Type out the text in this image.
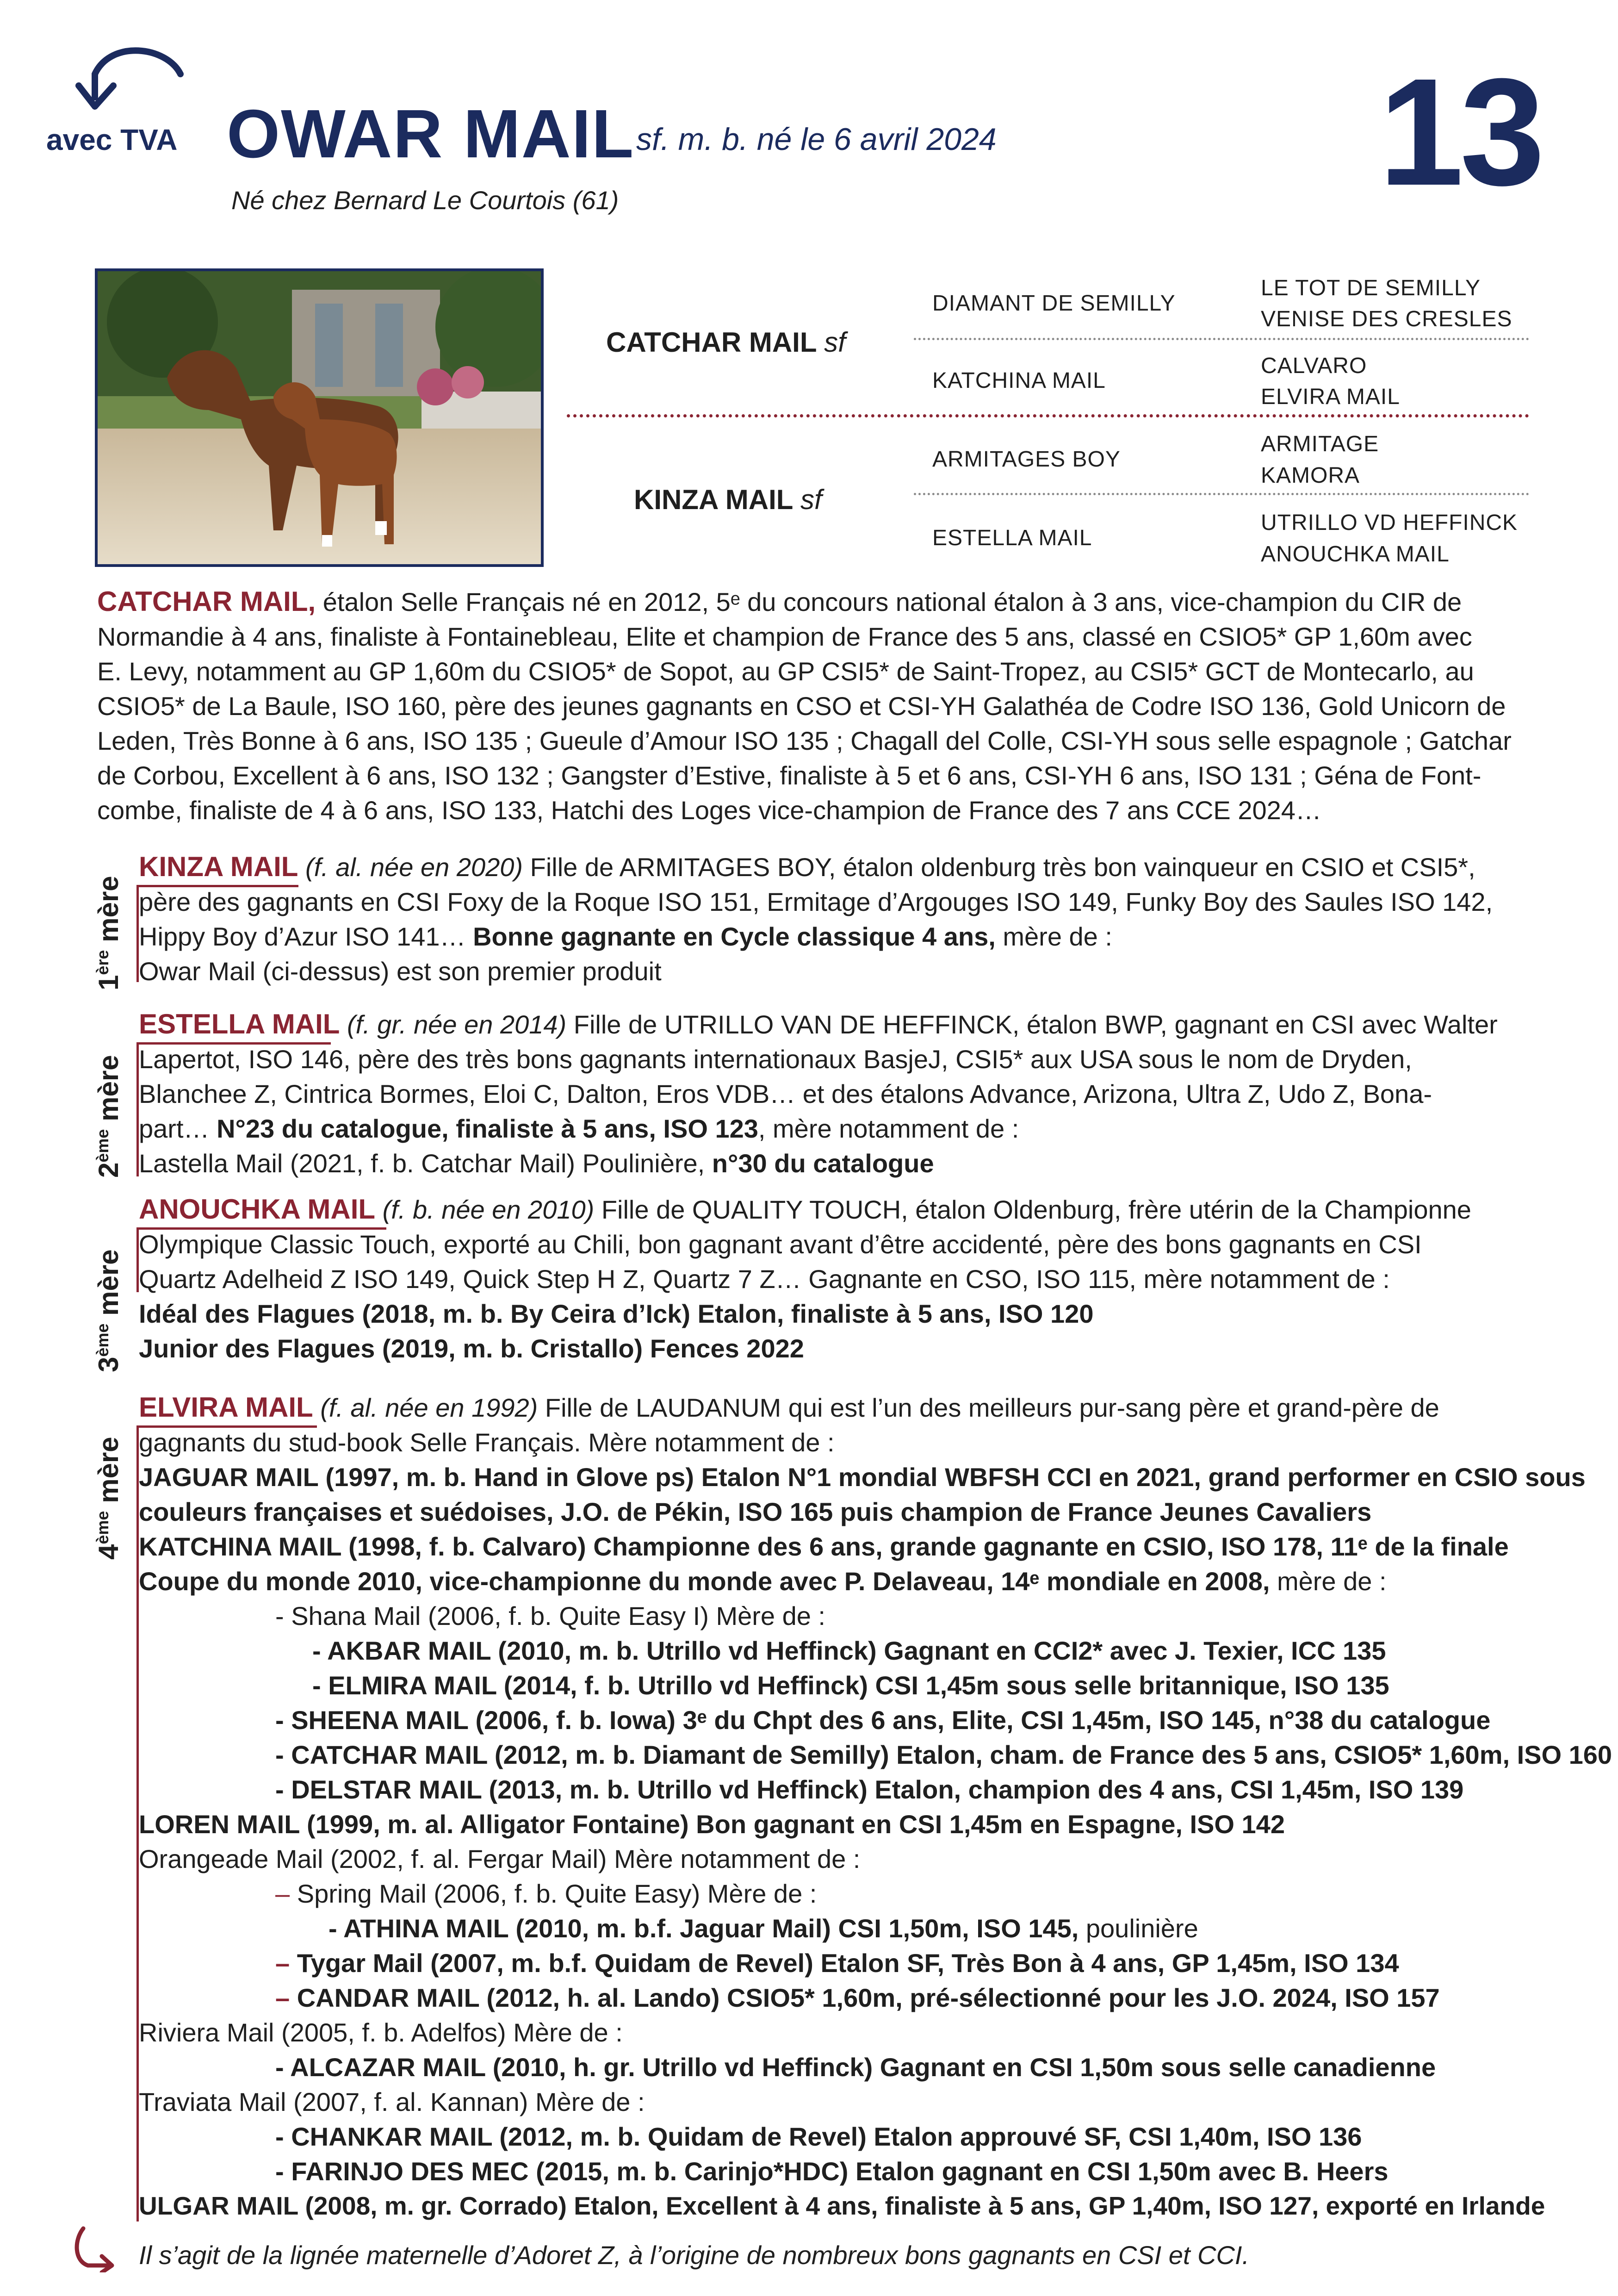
avec TVA OWAR MAIL sf. m. b. né le 6 avril 2024
Né chez Bernard Le Courtois (61)	13
CATCHAR MAIL sf
KINZA MAIL sf
DIAMANT DE SEMILLY
KATCHINA MAIL
ARMITAGES BOY
ESTELLA MAIL
LE TOT DE SEMILLY
VENISE DES CRESLES
CALVARO
ELVIRA MAIL
ARMITAGE
KAMORA
UTRILLO VD HEFFINCK
ANOUCHKA MAIL
CATCHAR MAIL, étalon Selle Français né en 2012, 5ᵉ du concours national étalon à 3 ans, vice-champion du CIR de
Normandie à 4 ans, finaliste à Fontainebleau, Elite et champion de France des 5 ans, classé en CSIO5* GP 1,60m avec
E. Levy, notamment au GP 1,60m du CSIO5* de Sopot, au GP CSI5* de Saint-Tropez, au CSI5* GCT de Montecarlo, au
CSIO5* de La Baule, ISO 160, père des jeunes gagnants en CSO et CSI-YH Galathéa de Codre ISO 136, Gold Unicorn de
Leden, Très Bonne à 6 ans, ISO 135 ; Gueule d’Amour ISO 135 ; Chagall del Colle, CSI-YH sous selle espagnole ; Gatchar
de Corbou, Excellent à 6 ans, ISO 132 ; Gangster d’Estive, finaliste à 5 et 6 ans, CSI-YH 6 ans, ISO 131 ; Géna de Font-
combe, finaliste de 4 à 6 ans, ISO 133, Hatchi des Loges vice-champion de France des 7 ans CCE 2024…
1ère mère
KINZA MAIL (f. al. née en 2020) Fille de ARMITAGES BOY, étalon oldenburg très bon vainqueur en CSIO et CSI5*,
père des gagnants en CSI Foxy de la Roque ISO 151, Ermitage d’Argouges ISO 149, Funky Boy des Saules ISO 142,
Hippy Boy d’Azur ISO 141… Bonne gagnante en Cycle classique 4 ans, mère de :
Owar Mail (ci-dessus) est son premier produit
2ème mère
ESTELLA MAIL (f. gr. née en 2014) Fille de UTRILLO VAN DE HEFFINCK, étalon BWP, gagnant en CSI avec Walter
Lapertot, ISO 146, père des très bons gagnants internationaux BasjeJ, CSI5* aux USA sous le nom de Dryden,
Blanchee Z, Cintrica Bormes, Eloi C, Dalton, Eros VDB… et des étalons Advance, Arizona, Ultra Z, Udo Z, Bona-
part… N°23 du catalogue, finaliste à 5 ans, ISO 123, mère notamment de :
Lastella Mail (2021, f. b. Catchar Mail) Poulinière, n°30 du catalogue
3ème mère
ANOUCHKA MAIL (f. b. née en 2010) Fille de QUALITY TOUCH, étalon Oldenburg, frère utérin de la Championne
Olympique Classic Touch, exporté au Chili, bon gagnant avant d’être accidenté, père des bons gagnants en CSI
Quartz Adelheid Z ISO 149, Quick Step H Z, Quartz 7 Z… Gagnante en CSO, ISO 115, mère notamment de :
Idéal des Flagues (2018, m. b. By Ceira d’Ick) Etalon, finaliste à 5 ans, ISO 120
Junior des Flagues (2019, m. b. Cristallo) Fences 2022
4ème mère
ELVIRA MAIL (f. al. née en 1992) Fille de LAUDANUM qui est l’un des meilleurs pur-sang père et grand-père de
gagnants du stud-book Selle Français. Mère notamment de :
JAGUAR MAIL (1997, m. b. Hand in Glove ps) Etalon N°1 mondial WBFSH CCI en 2021, grand performer en CSIO sous
couleurs françaises et suédoises, J.O. de Pékin, ISO 165 puis champion de France Jeunes Cavaliers
KATCHINA MAIL (1998, f. b. Calvaro) Championne des 6 ans, grande gagnante en CSIO, ISO 178, 11ᵉ de la finale
Coupe du monde 2010, vice-championne du monde avec P. Delaveau, 14ᵉ mondiale en 2008, mère de :
- Shana Mail (2006, f. b. Quite Easy I) Mère de :
- AKBAR MAIL (2010, m. b. Utrillo vd Heffinck) Gagnant en CCI2* avec J. Texier, ICC 135
- ELMIRA MAIL (2014, f. b. Utrillo vd Heffinck) CSI 1,45m sous selle britannique, ISO 135
- SHEENA MAIL (2006, f. b. Iowa) 3ᵉ du Chpt des 6 ans, Elite, CSI 1,45m, ISO 145, n°38 du catalogue
- CATCHAR MAIL (2012, m. b. Diamant de Semilly) Etalon, cham. de France des 5 ans, CSIO5* 1,60m, ISO 160
- DELSTAR MAIL (2013, m. b. Utrillo vd Heffinck) Etalon, champion des 4 ans, CSI 1,45m, ISO 139
LOREN MAIL (1999, m. al. Alligator Fontaine) Bon gagnant en CSI 1,45m en Espagne, ISO 142
Orangeade Mail (2002, f. al. Fergar Mail) Mère notamment de :
– Spring Mail (2006, f. b. Quite Easy) Mère de :
- ATHINA MAIL (2010, m. b.f. Jaguar Mail) CSI 1,50m, ISO 145, poulinière
– Tygar Mail (2007, m. b.f. Quidam de Revel) Etalon SF, Très Bon à 4 ans, GP 1,45m, ISO 134
– CANDAR MAIL (2012, h. al. Lando) CSIO5* 1,60m, pré-sélectionné pour les J.O. 2024, ISO 157
Riviera Mail (2005, f. b. Adelfos) Mère de :
- ALCAZAR MAIL (2010, h. gr. Utrillo vd Heffinck) Gagnant en CSI 1,50m sous selle canadienne
Traviata Mail (2007, f. al. Kannan) Mère de :
- CHANKAR MAIL (2012, m. b. Quidam de Revel) Etalon approuvé SF, CSI 1,40m, ISO 136
- FARINJO DES MEC (2015, m. b. Carinjo*HDC) Etalon gagnant en CSI 1,50m avec B. Heers
ULGAR MAIL (2008, m. gr. Corrado) Etalon, Excellent à 4 ans, finaliste à 5 ans, GP 1,40m, ISO 127, exporté en Irlande
Il s’agit de la lignée maternelle d’Adoret Z, à l’origine de nombreux bons gagnants en CSI et CCI.
